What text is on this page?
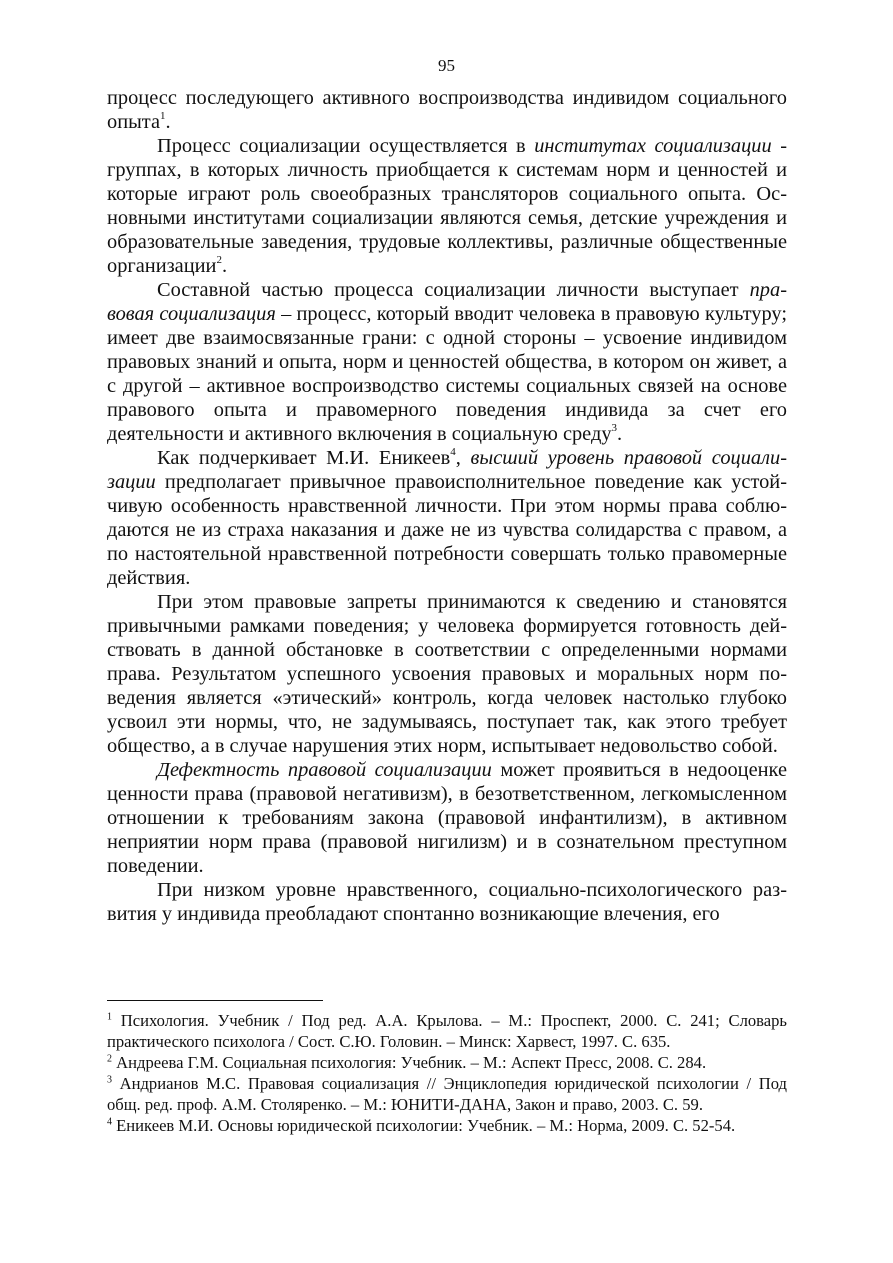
95

процесс последующего активного воспроизводства индивидом социального опыта$^1$.

Процесс социализации осуществляется в институтах социализации - группах, в которых личность приобщается к системам норм и ценностей и которые играют роль своеобразных трансляторов социального опыта. Основными институтами социализации являются семья, детские учреждения и образовательные заведения, трудовые коллективы, различные общественные организации$^2$.

Составной частью процесса социализации личности выступает правовая социализация – процесс, который вводит человека в правовую культуру; имеет две взаимосвязанные грани: с одной стороны – усвоение индивидом правовых знаний и опыта, норм и ценностей общества, в котором он живет, а с другой – активное воспроизводство системы социальных связей на основе правового опыта и правомерного поведения индивида за счет его деятельности и активного включения в социальную среду$^3$.

Как подчеркивает М.И. Еникеев$^4$, высший уровень правовой социализации предполагает привычное правоисполнительное поведение как устойчивую особенность нравственной личности. При этом нормы права соблюдаются не из страха наказания и даже не из чувства солидарства с правом, а по настоятельной нравственной потребности совершать только правомерные действия.

При этом правовые запреты принимаются к сведению и становятся привычными рамками поведения; у человека формируется готовность действовать в данной обстановке в соответствии с определенными нормами права. Результатом успешного усвоения правовых и моральных норм поведения является «этический» контроль, когда человек настолько глубоко усвоил эти нормы, что, не задумываясь, поступает так, как этого требует общество, а в случае нарушения этих норм, испытывает недовольство собой.

Дефектность правовой социализации может проявиться в недооценке ценности права (правовой негативизм), в безответственном, легкомысленном отношении к требованиям закона (правовой инфантилизм), в активном неприятии норм права (правовой нигилизм) и в сознательном преступном поведении.

При низком уровне нравственного, социально-психологического развития у индивида преобладают спонтанно возникающие влечения, его

$^1$ Психология. Учебник / Под ред. А.А. Крылова. – М.: Проспект, 2000. С. 241; Словарь практического психолога / Сост. С.Ю. Головин. – Минск: Харвест, 1997. С. 635.

$^2$ Андреева Г.М. Социальная психология: Учебник. – М.: Аспект Пресс, 2008. С. 284.

$^3$ Андрианов М.С. Правовая социализация // Энциклопедия юридической психологии / Под общ. ред. проф. А.М. Столяренко. – М.: ЮНИТИ-ДАНА, Закон и право, 2003. С. 59.

$^4$ Еникеев М.И. Основы юридической психологии: Учебник. – М.: Норма, 2009. С. 52-54.
